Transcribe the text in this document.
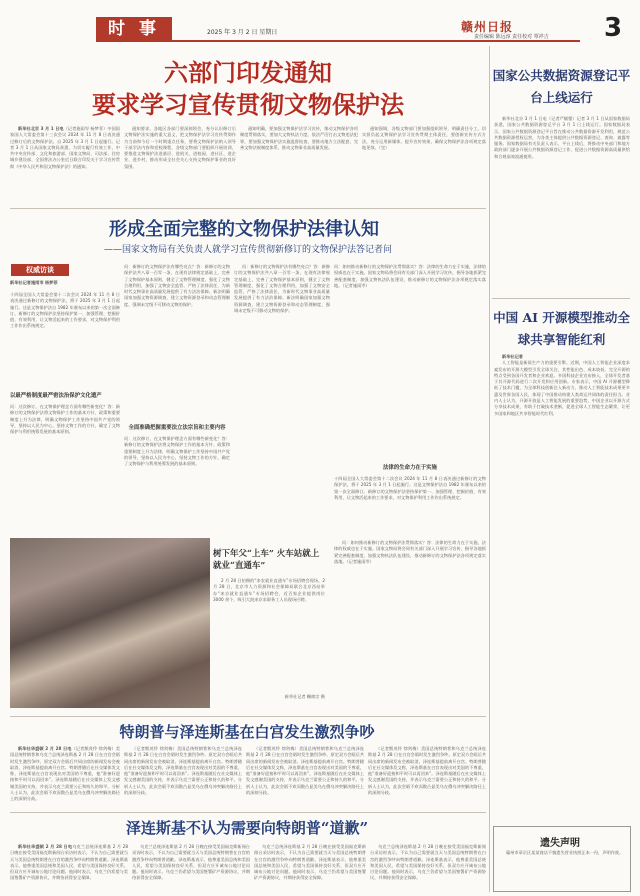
时 事	2025 年 3 月 2 日 星期日	赣州日报
责任编辑 陈远淳 责任校对 覃祥吉	3
六部门印发通知
要求学习宣传贯彻文物保护法

新华社北京 3 月 1 日电（记者施雨岑 杨梦菲）中国国家国人大常委会第十三次会议 2024 年 11 月 8 日表决通过修订后的文物保护法，自 2025 年 3 月 1 日起施行。记者 3 月 1 日从国家文物局获悉，为切实履行有效工作，中共中央宣传部、文化和旅游部、国家文物局、司法部、住房城乡建设部、全国普法办公室近日联合印发关于学习宣传贯彻《中华人民共和国文物保护法》的通知。

通知要求，各地区各部门要深刻领会，充分认识修订后文物保护法实施的重大意义，把文物保护法学习宣传贯彻作为当前和今后一个时期重点任务，要将文物保护法纳入领导干部学法内容和党校课程，各级文物部门要组织开展培训，要推进文物保护法进基层、进机关、进校园、进社区、进企业、进乡村，推动形成全社会关心支持文物保护事业的良好氛围。

通知明确，要加强文物保护法学习宣传，推动文物保护各项制度贯彻落实，要加大文物执法力度，依法严厉打击文物违法犯罪，要加强文物保护法实施监督检查，要推动地方立法配套，完善文物法规制度体系，推动文物事业高质量发展。

通知强调，各级文物部门要加强组织领导，明确责任分工，切实担负起文物保护法学习宣传贯彻主体责任，要创新宣传方式方法，充分运用新媒体，提升宣传效果，确保文物保护法各项规定落地见效。（完）

国家公共数据资源登记平台上线运行

新华社北京 3 月 1 日电（记者严赋憬）记者 3 月 1 日从国家数据局获悉，国家公共数据资源登记平台 3 月 1 日上线运行。国家数据局表示，国家公共数据资源登记平台旨在推动公共数据资源开发利用，规范公共数据资源授权运营，为各类主体提供公共数据资源登记、查询、披露等服务。国家数据局有关负责人表示，平台上线后，将推动中央部门和地方政府部门逐步开展公共数据资源登记工作，促进公共数据资源高质量供给和合规高效流通使用。

中国 AI 开源模型推动全球共享智能红利

新华社记者

人工智能是新质生产力的重要引擎。近期，中国人工智能企业深度求索发布的开源大模型引发全球关注，其性能出色、成本较低、完全开源的特点受到各国开发者和企业欢迎。多国科技企业宣布接入，全球开发者基于其开源代码进行二次开发和应用创新。专家表示，中国 AI 开源模型降低了技术门槛，为全球科技创新注入新动力，推动人工智能技术成果更多惠及世界各国人民，体现了中国推动构建人类命运共同体的责任担当。业内人士认为，开源开放是人工智能发展的重要趋势，中国企业以开源方式分享技术成果，有助于打破技术垄断，促进全球人工智能生态繁荣，让更多国家和地区共享智能时代红利。

遗失声明

赣州市章贡区某某商店不慎遗失营业执照正本一份，声明作废。

形成全面完整的文物保护法律认知
——国家文物局有关负责人就学习宣传贯彻新修订的文物保护法答记者问
权威访谈
新华社记者施雨岑 杨梦菲
十四届全国人大常委会第十二次会议 2024 年 11 月 8 日表决通过新修订的文物保护法，将于 2025 年 3 月 1 日起施行。这是文物保护法自 1982 年颁布以来的第一次全面修订。新修订的文物保护法坚持保护第一、加强管理、挖掘价值、有效利用、让文物活起来的工作要求，对文物保护利用工作作出系统规定。
以最严格制度最严密法治保护文化遗产
问：这次修订，在文物保护理念方面有哪些新变化？答：新修订的文物保护法将文物保护工作的基本方针、政策和重要制度上升为法律，明确文物保护工作坚持中国共产党的领导，坚持以人民为中心，坚持文物工作的方针，确定了文物保护与利用统筹发展的基本原则。
问：新修订的文物保护法有哪些亮点？答：新修订的文物保护法共八章一百零一条，在现有法律规定基础上，完善了文物保护基本原则，健全了文物管理制度，强化了文物合理利用，加强了文物安全监管，严格了法律责任，为新时代文物事业高质量发展提供了有力法治保障。新法明确国家加强文物资源调查，建立文物资源登录和动态管理制度，强调未定级不可移动文物的保护。
全面准确把握重要法立法宗旨和主要内容
问：这次修订，在文物保护理念方面有哪些新变化？答：新修订的文物保护法将文物保护工作的基本方针、政策和重要制度上升为法律，明确文物保护工作坚持中国共产党的领导，坚持以人民为中心，坚持文物工作的方针，确定了文物保护与利用统筹发展的基本原则。

问：新修订的文物保护法有哪些亮点？答：新修订的文物保护法共八章一百零一条，在现有法律规定基础上，完善了文物保护基本原则，健全了文物管理制度，强化了文物合理利用，加强了文物安全监管，严格了法律责任，为新时代文物事业高质量发展提供了有力法治保障。新法明确国家加强文物资源调查，建立文物资源登录和动态管理制度，强调未定级不可移动文物的保护。

问：如何推动新修订的文物保护法贯彻落实？答：法律的生命力在于实施，法律的权威也在于实施。国家文物局将会同有关部门深入开展学习宣传，指导各地抓紧完善配套制度，加强文物执法队伍建设，推动新修订的文物保护法各项规定落实落地。（记者施雨岑）
法律的生命力在于实施
十四届全国人大常委会第十二次会议 2024 年 11 月 8 日表决通过新修订的文物保护法，将于 2025 年 3 月 1 日起施行。这是文物保护法自 1982 年颁布以来的第一次全面修订。新修订的文物保护法坚持保护第一、加强管理、挖掘价值、有效利用、让文物活起来的工作要求，对文物保护利用工作作出系统规定。
树下年父“上车” 火车站就上就业“直通车”

2 月 28 日拍摄的“来农就业直通车”专场招聘会现场。2 月 28 日，北京市人力资源和社会保障局联合北京西站举办“来京就业直通车”专场招聘会，近百家企业提供岗位 3000 余个，吸引大批来京求职务工人员现场应聘。

新华社记者 鞠焕宗 摄

问：如何推动新修订的文物保护法贯彻落实？答：法律的生命力在于实施，法律的权威也在于实施。国家文物局将会同有关部门深入开展学习宣传，指导各地抓紧完善配套制度，加强文物执法队伍建设，推动新修订的文物保护法各项规定落实落地。（记者施雨岑）

特朗普与泽连斯基在白宫发生激烈争吵

新华社华盛顿 2 月 28 日电（记者熊茂伶 徐剑梅）美国总统特朗普和乌克兰总统泽连斯基 2 月 28 日在白宫会晤时发生激烈争吵。原定双方会晤后共同出席的新闻发布会被取消，泽连斯基提前离开白宫。特朗普随后在社交媒体发文称，泽连斯基在白宫表现出对美国的不尊重，他“准备好迎接和平时可以再回来”。泽连斯基随后在社交媒体上发文感谢美国的支持，并表示乌克兰需要公正和持久的和平。分析人士认为，此次会晤不欢而散凸显美乌在俄乌冲突解决路径上的深刻分歧。

（记者熊茂伶 徐剑梅）美国总统特朗普和乌克兰总统泽连斯基 2 月 28 日在白宫会晤时发生激烈争吵。原定双方会晤后共同出席的新闻发布会被取消，泽连斯基提前离开白宫。特朗普随后在社交媒体发文称，泽连斯基在白宫表现出对美国的不尊重，他“准备好迎接和平时可以再回来”。泽连斯基随后在社交媒体上发文感谢美国的支持，并表示乌克兰需要公正和持久的和平。分析人士认为，此次会晤不欢而散凸显美乌在俄乌冲突解决路径上的深刻分歧。

（记者熊茂伶 徐剑梅）美国总统特朗普和乌克兰总统泽连斯基 2 月 28 日在白宫会晤时发生激烈争吵。原定双方会晤后共同出席的新闻发布会被取消，泽连斯基提前离开白宫。特朗普随后在社交媒体发文称，泽连斯基在白宫表现出对美国的不尊重，他“准备好迎接和平时可以再回来”。泽连斯基随后在社交媒体上发文感谢美国的支持，并表示乌克兰需要公正和持久的和平。分析人士认为，此次会晤不欢而散凸显美乌在俄乌冲突解决路径上的深刻分歧。

（记者熊茂伶 徐剑梅）美国总统特朗普和乌克兰总统泽连斯基 2 月 28 日在白宫会晤时发生激烈争吵。原定双方会晤后共同出席的新闻发布会被取消，泽连斯基提前离开白宫。特朗普随后在社交媒体发文称，泽连斯基在白宫表现出对美国的不尊重，他“准备好迎接和平时可以再回来”。泽连斯基随后在社交媒体上发文感谢美国的支持，并表示乌克兰需要公正和持久的和平。分析人士认为，此次会晤不欢而散凸显美乌在俄乌冲突解决路径上的深刻分歧。

泽连斯基不认为需要向特朗普“道歉”

新华社华盛顿 2 月 28 日电乌克兰总统泽连斯基 2 月 28 日晚在接受美国福克斯新闻台采访时表示，不认为自己需要就当天与美国总统特朗普在白宫的激烈争吵向特朗普道歉。泽连斯基表示，他尊重美国总统和美国人民，希望与美国保持良好关系，但双方应开诚布公地讨论问题。他同时表示，乌克兰仍希望与美国签署矿产资源协议，并期待获得安全保障。

乌克兰总统泽连斯基 2 月 28 日晚在接受美国福克斯新闻台采访时表示，不认为自己需要就当天与美国总统特朗普在白宫的激烈争吵向特朗普道歉。泽连斯基表示，他尊重美国总统和美国人民，希望与美国保持良好关系，但双方应开诚布公地讨论问题。他同时表示，乌克兰仍希望与美国签署矿产资源协议，并期待获得安全保障。

乌克兰总统泽连斯基 2 月 28 日晚在接受美国福克斯新闻台采访时表示，不认为自己需要就当天与美国总统特朗普在白宫的激烈争吵向特朗普道歉。泽连斯基表示，他尊重美国总统和美国人民，希望与美国保持良好关系，但双方应开诚布公地讨论问题。他同时表示，乌克兰仍希望与美国签署矿产资源协议，并期待获得安全保障。

乌克兰总统泽连斯基 2 月 28 日晚在接受美国福克斯新闻台采访时表示，不认为自己需要就当天与美国总统特朗普在白宫的激烈争吵向特朗普道歉。泽连斯基表示，他尊重美国总统和美国人民，希望与美国保持良好关系，但双方应开诚布公地讨论问题。他同时表示，乌克兰仍希望与美国签署矿产资源协议，并期待获得安全保障。
